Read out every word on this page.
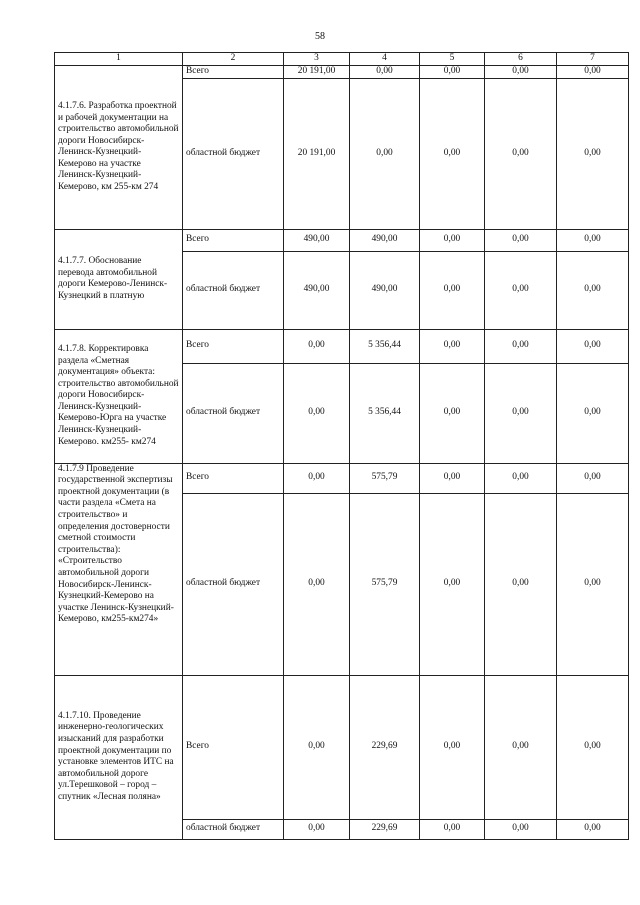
58
1	2	3	4	5	6	7
4.1.7.6. Разработка проектной и рабочей документации на строительство автомобильной дороги Новосибирск-Ленинск-Кузнецкий-Кемерово на участке Ленинск-Кузнецкий-Кемерово, км 255-км 274	Всего	20 191,00	0,00	0,00	0,00	0,00
	областной бюджет	20 191,00	0,00	0,00	0,00	0,00
4.1.7.7. Обоснование перевода автомобильной дороги Кемерово-Ленинск-Кузнецкий в платную	Всего	490,00	490,00	0,00	0,00	0,00
	областной бюджет	490,00	490,00	0,00	0,00	0,00
4.1.7.8. Корректировка раздела «Сметная документация» объекта: строительство автомобильной дороги Новосибирск-Ленинск-Кузнецкий-Кемерово-Юрга на участке Ленинск-Кузнецкий-Кемерово. км255- км274	Всего	0,00	5 356,44	0,00	0,00	0,00
	областной бюджет	0,00	5 356,44	0,00	0,00	0,00
4.1.7.9 Проведение государственной экспертизы проектной документации (в части раздела «Смета на строительство» и определения достоверности сметной стоимости строительства): «Строительство автомобильной дороги Новосибирск-Ленинск-Кузнецкий-Кемерово на участке Ленинск-Кузнецкий-Кемерово, км255-км274»	Всего	0,00	575,79	0,00	0,00	0,00
	областной бюджет	0,00	575,79	0,00	0,00	0,00
4.1.7.10. Проведение инженерно-геологических изысканий для разработки проектной документации по установке элементов ИТС на автомобильной дороге ул.Терешковой – город – спутник «Лесная поляна»	Всего	0,00	229,69	0,00	0,00	0,00
	областной бюджет	0,00	229,69	0,00	0,00	0,00
